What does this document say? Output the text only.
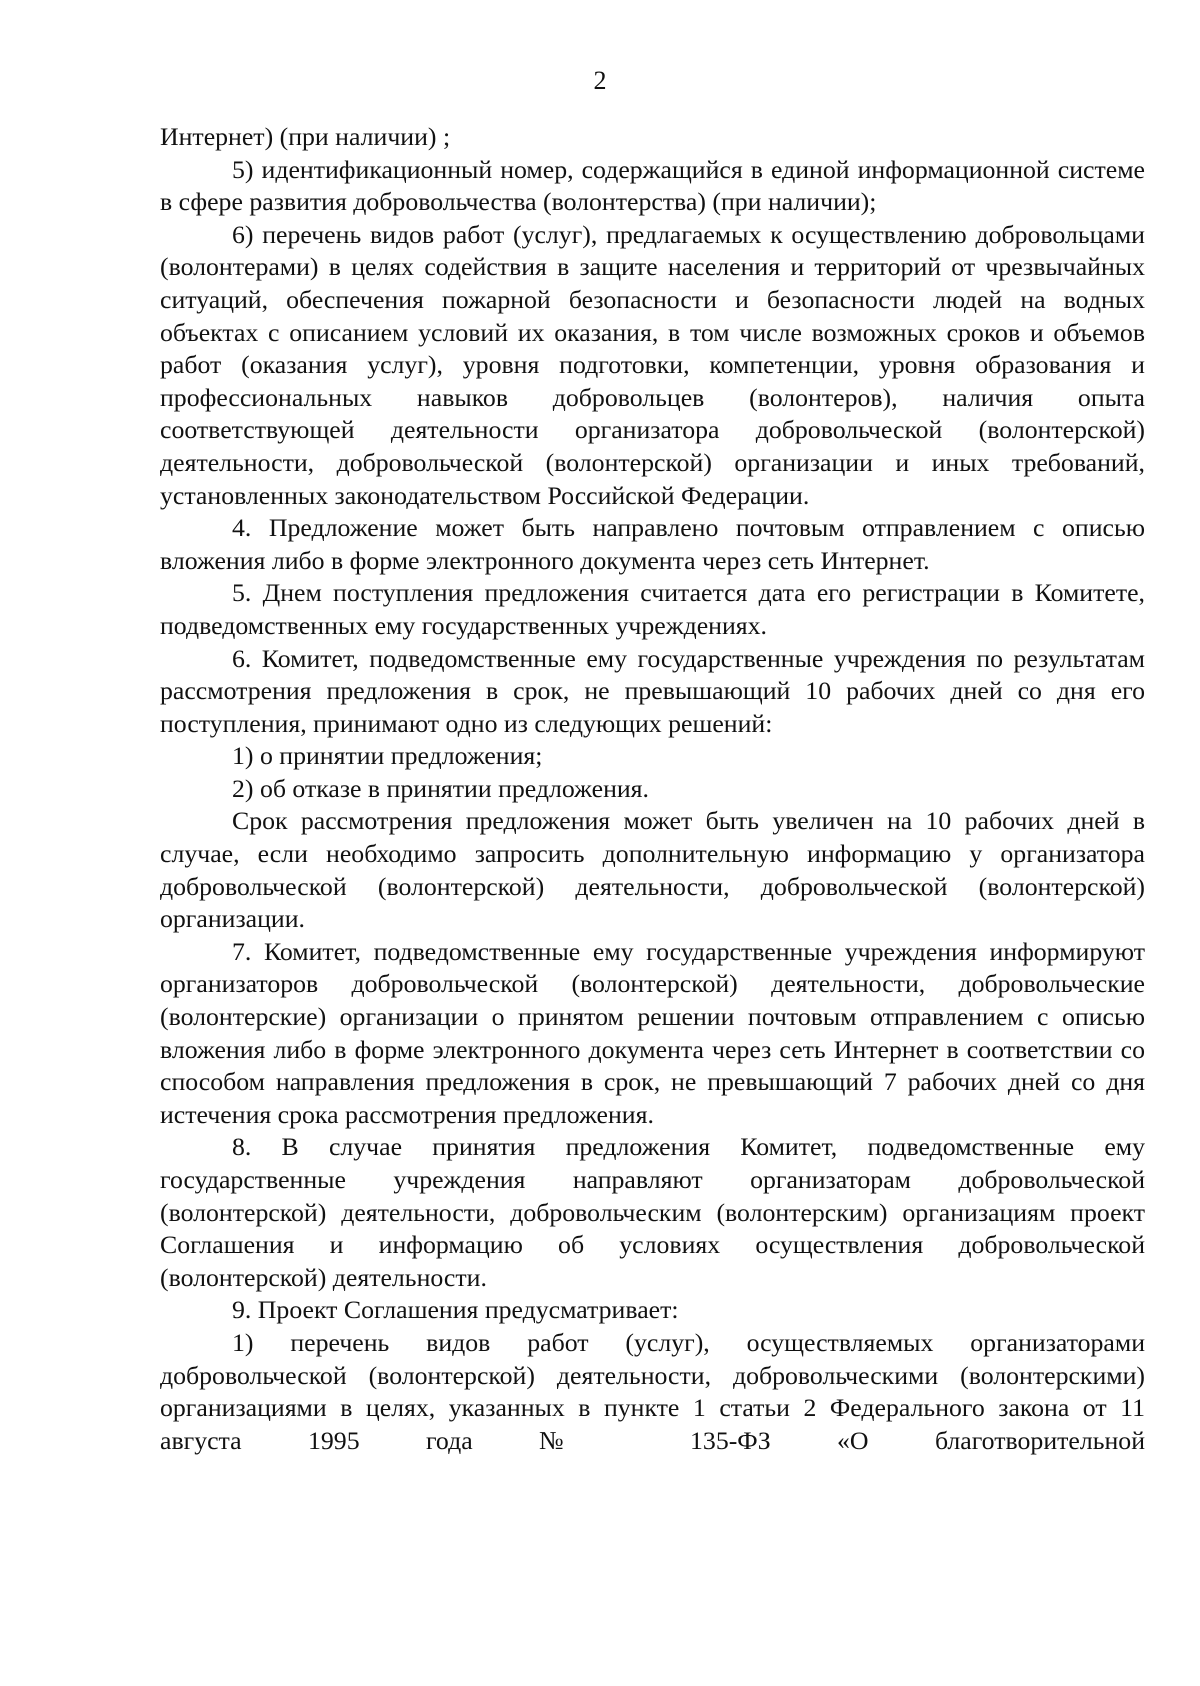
2

Интернет) (при наличии) ;

5) идентификационный номер, содержащийся в единой информационной системе в сфере развития добровольчества (волонтерства) (при наличии);

6) перечень видов работ (услуг), предлагаемых к осуществлению добровольцами (волонтерами) в целях содействия в защите населения и территорий от чрезвычайных ситуаций, обеспечения пожарной безопасности и безопасности людей на водных объектах с описанием условий их оказания, в том числе возможных сроков и объемов работ (оказания услуг), уровня подготовки, компетенции, уровня образования и профессиональных навыков добровольцев (волонтеров), наличия опыта соответствующей деятельности организатора добровольческой (волонтерской) деятельности, добровольческой (волонтерской) организации и иных требований, установленных законодательством Российской Федерации.

4. Предложение может быть направлено почтовым отправлением с описью вложения либо в форме электронного документа через сеть Интернет.

5. Днем поступления предложения считается дата его регистрации в Комитете, подведомственных ему государственных учреждениях.

6. Комитет, подведомственные ему государственные учреждения по результатам рассмотрения предложения в срок, не превышающий 10 рабочих дней со дня его поступления, принимают одно из следующих решений:

1) о принятии предложения;

2) об отказе в принятии предложения.

Срок рассмотрения предложения может быть увеличен на 10 рабочих дней в случае, если необходимо запросить дополнительную информацию у организатора добровольческой (волонтерской) деятельности, добровольческой (волонтерской) организации.

7. Комитет, подведомственные ему государственные учреждения информируют организаторов добровольческой (волонтерской) деятельности, добровольческие (волонтерские) организации о принятом решении почтовым отправлением с описью вложения либо в форме электронного документа через сеть Интернет в соответствии со способом направления предложения в срок, не превышающий 7 рабочих дней со дня истечения срока рассмотрения предложения.

8. В случае принятия предложения Комитет, подведомственные ему государственные учреждения направляют организаторам добровольческой (волонтерской) деятельности, добровольческим (волонтерским) организациям проект Соглашения и информацию об условиях осуществления добровольческой (волонтерской) деятельности.

9. Проект Соглашения предусматривает:

1) перечень видов работ (услуг), осуществляемых организаторами добровольческой (волонтерской) деятельности, добровольческими (волонтерскими) организациями в целях, указанных в пункте 1 статьи 2 Федерального закона от 11 августа 1995 года № 135-ФЗ «О благотворительной
